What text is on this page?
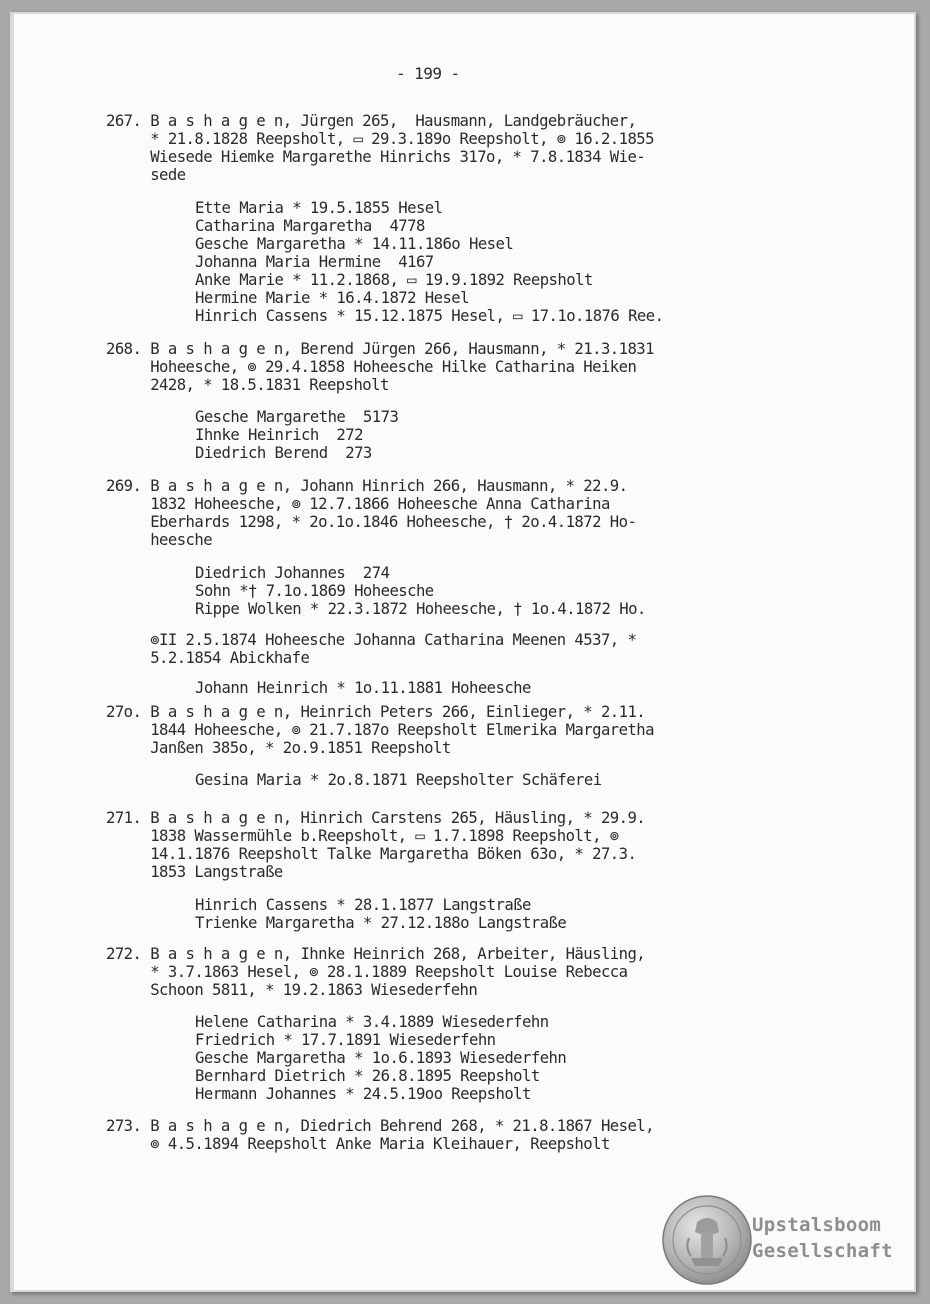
- 199 -

267. B a s h a g e n, Jürgen 265,  Hausmann, Landgebräucher,

* 21.8.1828 Reepsholt, ▭ 29.3.189o Reepsholt, ⊚ 16.2.1855

Wiesede Hiemke Margarethe Hinrichs 317o, * 7.8.1834 Wie-

sede

Ette Maria * 19.5.1855 Hesel

Catharina Margaretha  4778

Gesche Margaretha * 14.11.186o Hesel

Johanna Maria Hermine  4167

Anke Marie * 11.2.1868, ▭ 19.9.1892 Reepsholt

Hermine Marie * 16.4.1872 Hesel

Hinrich Cassens * 15.12.1875 Hesel, ▭ 17.1o.1876 Ree.

268. B a s h a g e n, Berend Jürgen 266, Hausmann, * 21.3.1831

Hoheesche, ⊚ 29.4.1858 Hoheesche Hilke Catharina Heiken

2428, * 18.5.1831 Reepsholt

Gesche Margarethe  5173

Ihnke Heinrich  272

Diedrich Berend  273

269. B a s h a g e n, Johann Hinrich 266, Hausmann, * 22.9.

1832 Hoheesche, ⊚ 12.7.1866 Hoheesche Anna Catharina

Eberhards 1298, * 2o.1o.1846 Hoheesche, † 2o.4.1872 Ho-

heesche

Diedrich Johannes  274

Sohn *† 7.1o.1869 Hoheesche

Rippe Wolken * 22.3.1872 Hoheesche, † 1o.4.1872 Ho.

⊚II 2.5.1874 Hoheesche Johanna Catharina Meenen 4537, *

5.2.1854 Abickhafe

Johann Heinrich * 1o.11.1881 Hoheesche

27o. B a s h a g e n, Heinrich Peters 266, Einlieger, * 2.11.

1844 Hoheesche, ⊚ 21.7.187o Reepsholt Elmerika Margaretha

Janßen 385o, * 2o.9.1851 Reepsholt

Gesina Maria * 2o.8.1871 Reepsholter Schäferei

271. B a s h a g e n, Hinrich Carstens 265, Häusling, * 29.9.

1838 Wassermühle b.Reepsholt, ▭ 1.7.1898 Reepsholt, ⊚

14.1.1876 Reepsholt Talke Margaretha Böken 63o, * 27.3.

1853 Langstraße

Hinrich Cassens * 28.1.1877 Langstraße

Trienke Margaretha * 27.12.188o Langstraße

272. B a s h a g e n, Ihnke Heinrich 268, Arbeiter, Häusling,

* 3.7.1863 Hesel, ⊚ 28.1.1889 Reepsholt Louise Rebecca

Schoon 5811, * 19.2.1863 Wiesederfehn

Helene Catharina * 3.4.1889 Wiesederfehn

Friedrich * 17.7.1891 Wiesederfehn

Gesche Margaretha * 1o.6.1893 Wiesederfehn

Bernhard Dietrich * 26.8.1895 Reepsholt

Hermann Johannes * 24.5.19oo Reepsholt

273. B a s h a g e n, Diedrich Behrend 268, * 21.8.1867 Hesel,

⊚ 4.5.1894 Reepsholt Anke Maria Kleihauer, Reepsholt

Upstalsboom
Gesellschaft
